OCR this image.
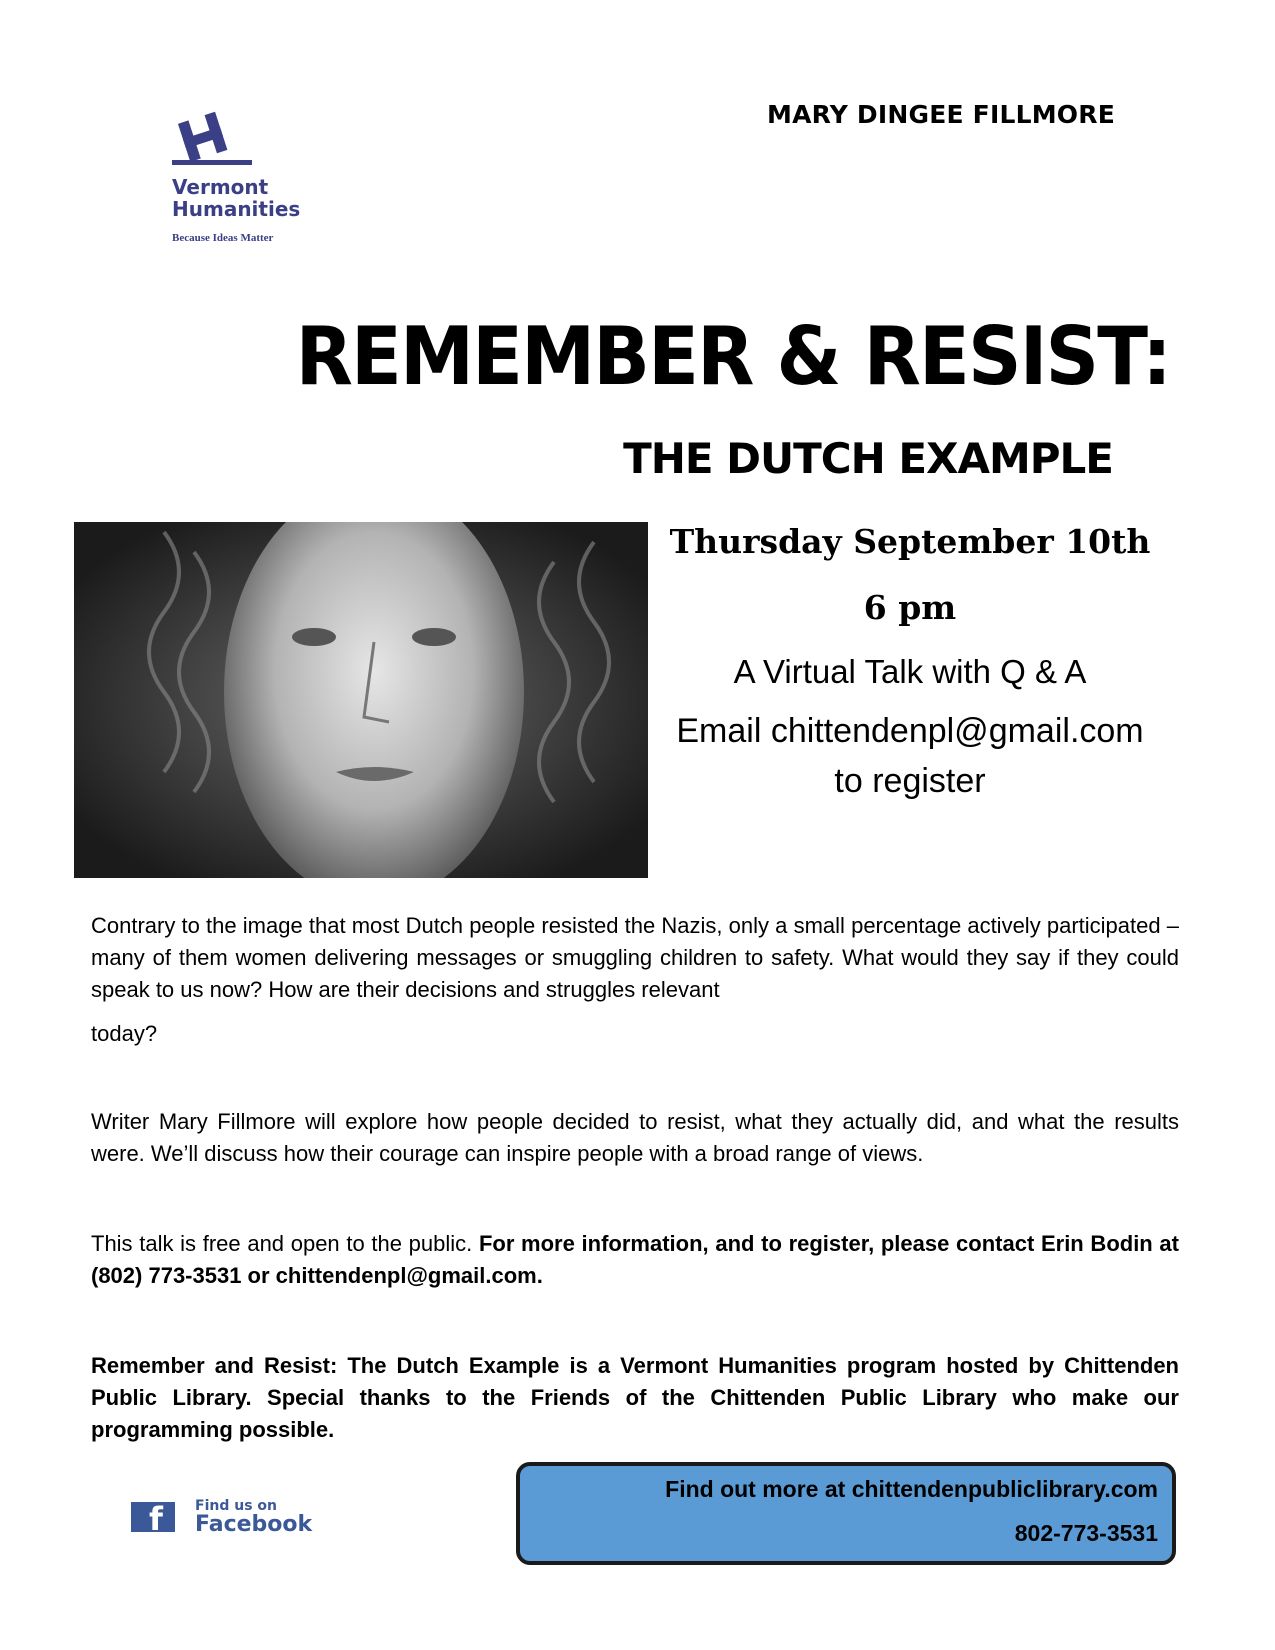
Vermont
Humanities
Because Ideas Matter
MARY DINGEE FILLMORE
REMEMBER & RESIST:
THE DUTCH EXAMPLE
Thursday September 10th
6 pm
A Virtual Talk with Q & A
Email chittendenpl@gmail.com
to register
Contrary to the image that most Dutch people resisted the Nazis, only a small percentage actively participated –many of them women delivering messages or smuggling children to safety. What would they say if they could speak to us now? How are their decisions and struggles relevant
today?
Writer Mary Fillmore will explore how people decided to resist, what they actually did, and what the results were. We’ll discuss how their courage can inspire people with a broad range of views.
This talk is free and open to the public. For more information, and to register, please contact Erin Bodin at (802) 773-3531 or chittendenpl@gmail.com.
Remember and Resist: The Dutch Example is a Vermont Humanities program hosted by Chittenden Public Library. Special thanks to the Friends of the Chittenden Public Library who make our programming possible.
f Find us on
Facebook
Find out more at chittendenpubliclibrary.com
802-773-3531
